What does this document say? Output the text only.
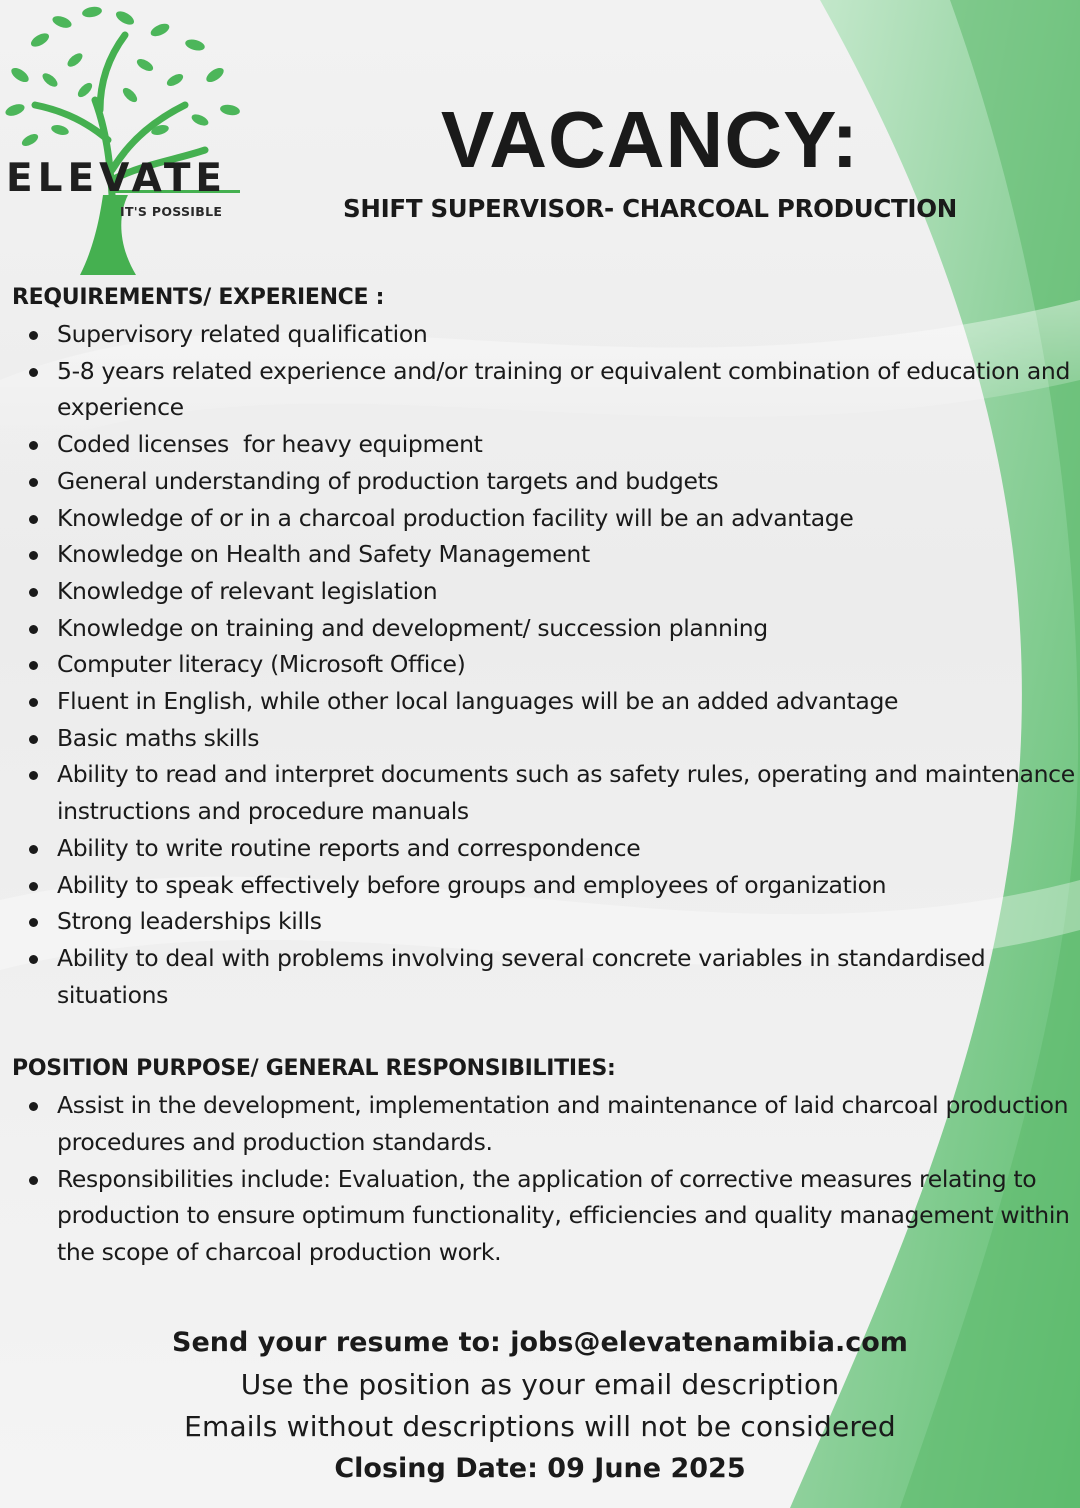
ELEVATE
IT'S POSSIBLE
VACANCY:
SHIFT SUPERVISOR- CHARCOAL PRODUCTION
REQUIREMENTS/ EXPERIENCE :
Supervisory related qualification
5-8 years related experience and/or training or equivalent combination of education and experience
Coded licenses  for heavy equipment
General understanding of production targets and budgets
Knowledge of or in a charcoal production facility will be an advantage
Knowledge on Health and Safety Management
Knowledge of relevant legislation
Knowledge on training and development/ succession planning
Computer literacy (Microsoft Office)
Fluent in English, while other local languages will be an added advantage
Basic maths skills
Ability to read and interpret documents such as safety rules, operating and maintenance instructions and procedure manuals
Ability to write routine reports and correspondence
Ability to speak effectively before groups and employees of organization
Strong leaderships kills
Ability to deal with problems involving several concrete variables in standardised situations
POSITION PURPOSE/ GENERAL RESPONSIBILITIES:
Assist in the development, implementation and maintenance of laid charcoal production procedures and production standards.
Responsibilities include: Evaluation, the application of corrective measures relating to production to ensure optimum functionality, efficiencies and quality management within the scope of charcoal production work.
Send your resume to: jobs@elevatenamibia.com
Use the position as your email description
Emails without descriptions will not be considered
Closing Date: 09 June 2025
